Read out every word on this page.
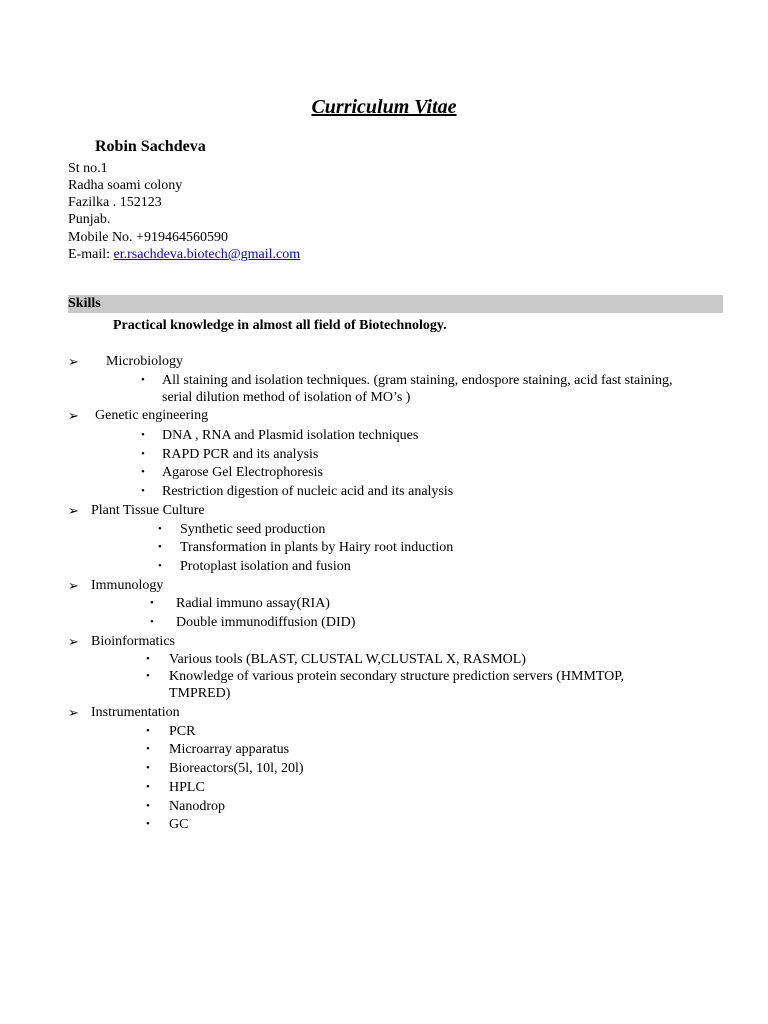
Curriculum Vitae
Robin Sachdeva
St no.1
Radha soami colony
Fazilka . 152123
Punjab.
Mobile No. +919464560590
E-mail: er.rsachdeva.biotech@gmail.com
Skills
Practical knowledge in almost all field of Biotechnology.
➢ Microbiology
• All staining and isolation techniques. (gram staining, endospore staining, acid fast staining,
serial dilution method of isolation of MO’s )
➢ Genetic engineering
• DNA , RNA and Plasmid isolation techniques
• RAPD PCR and its analysis
• Agarose Gel Electrophoresis
• Restriction digestion of nucleic acid and its analysis
➢ Plant Tissue Culture
• Synthetic seed production
• Transformation in plants by Hairy root induction
• Protoplast isolation and fusion
➢ Immunology
• Radial immuno assay(RIA)
• Double immunodiffusion (DID)
➢ Bioinformatics
• Various tools (BLAST, CLUSTAL W,CLUSTAL X, RASMOL)
• Knowledge of various protein secondary structure prediction servers (HMMTOP,
TMPRED)
➢ Instrumentation
• PCR
• Microarray apparatus
• Bioreactors(5l, 10l, 20l)
• HPLC
• Nanodrop
• GC
